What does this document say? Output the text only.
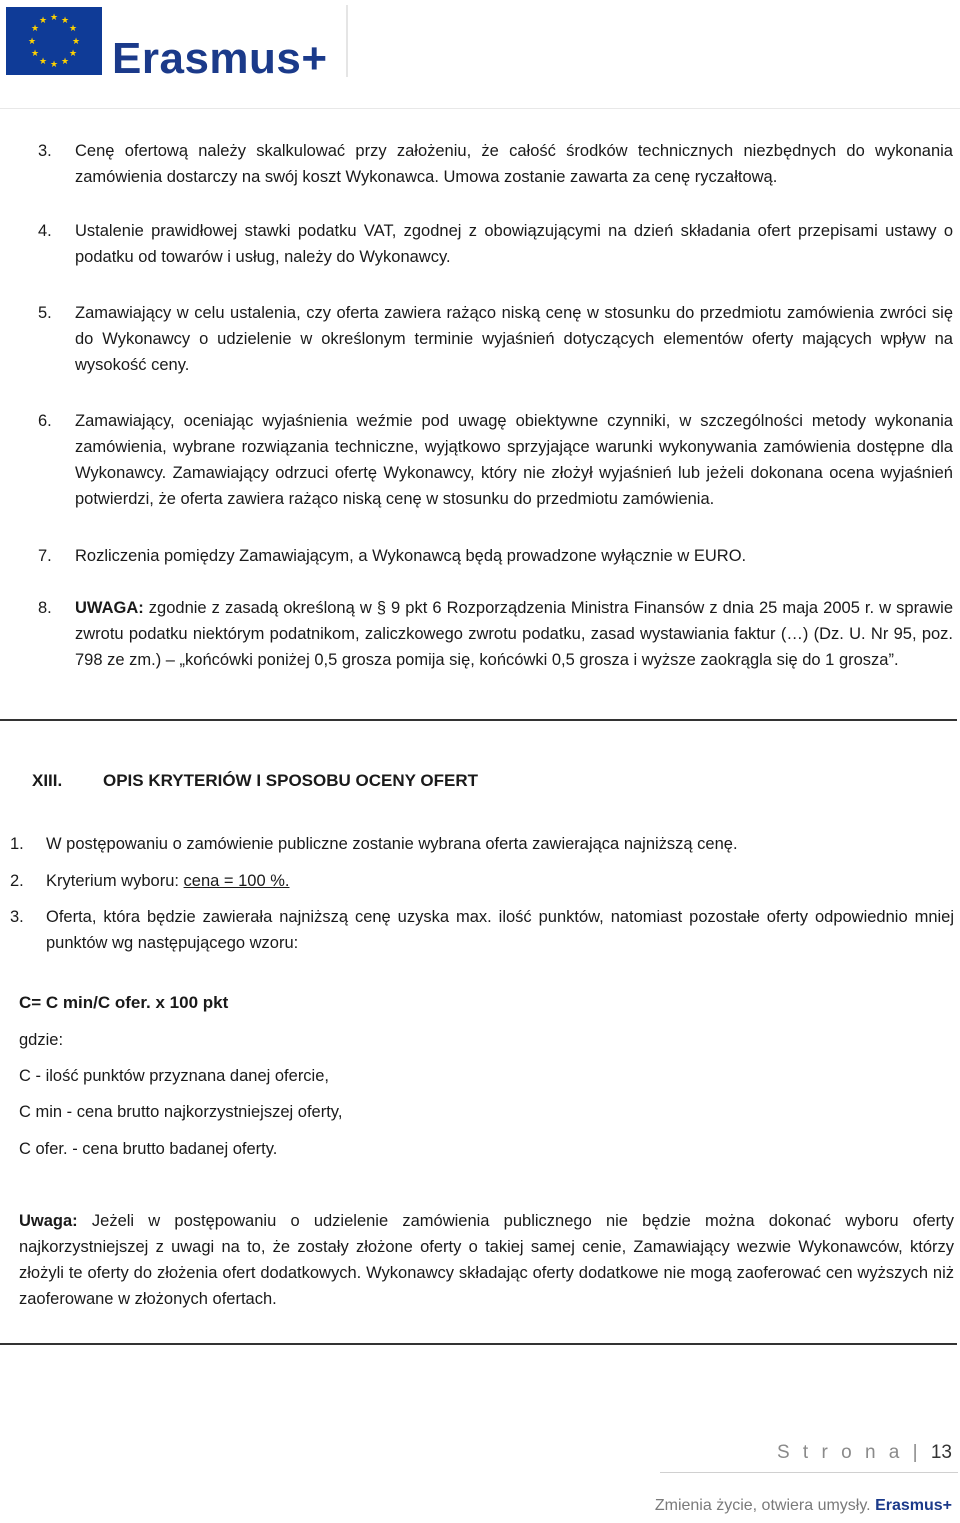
★ ★
★
★
★
★
★
★
★
★
★
★
Erasmus+
3. Cenę ofertową należy skalkulować przy założeniu, że całość środków technicznych niezbędnych do wykonania zamówienia dostarczy na swój koszt Wykonawca. Umowa zostanie zawarta za cenę ryczałtową.

4. Ustalenie prawidłowej stawki podatku VAT, zgodnej z obowiązującymi na dzień składania ofert przepisami ustawy o podatku od towarów i usług, należy do Wykonawcy.

5. Zamawiający w celu ustalenia, czy oferta zawiera rażąco niską cenę w stosunku do przedmiotu zamówienia zwróci się do Wykonawcy o udzielenie w określonym terminie wyjaśnień dotyczących elementów oferty mających wpływ na wysokość ceny.

6. Zamawiający, oceniając wyjaśnienia weźmie pod uwagę obiektywne czynniki, w szczególności metody wykonania zamówienia, wybrane rozwiązania techniczne, wyjątkowo sprzyjające warunki wykonywania zamówienia dostępne dla Wykonawcy. Zamawiający odrzuci ofertę Wykonawcy, który nie złożył wyjaśnień lub jeżeli dokonana ocena wyjaśnień potwierdzi, że oferta zawiera rażąco niską cenę w stosunku do przedmiotu zamówienia.

7. Rozliczenia pomiędzy Zamawiającym, a Wykonawcą będą prowadzone wyłącznie w EURO.

8. UWAGA: zgodnie z zasadą określoną w § 9 pkt 6 Rozporządzenia Ministra Finansów z dnia 25 maja 2005 r. w sprawie zwrotu podatku niektórym podatnikom, zaliczkowego zwrotu podatku, zasad wystawiania faktur (…) (Dz. U. Nr 95, poz. 798 ze zm.) – „końcówki poniżej 0,5 grosza pomija się, końcówki 0,5 grosza i wyższe zaokrągla się do 1 grosza”.

XIII. OPIS KRYTERIÓW I SPOSOBU OCENY OFERT
1. W postępowaniu o zamówienie publiczne zostanie wybrana oferta zawierająca najniższą cenę.

2. Kryterium wyboru: cena = 100 %.

3. Oferta, która będzie zawierała najniższą cenę uzyska max. ilość punktów, natomiast pozostałe oferty odpowiednio mniej punktów wg następującego wzoru:

C= C min/C ofer. x 100 pkt
gdzie:
C - ilość punktów przyznana danej ofercie,
C min - cena brutto najkorzystniejszej oferty,
C ofer. - cena brutto badanej oferty.

Uwaga: Jeżeli w postępowaniu o udzielenie zamówienia publicznego nie będzie można dokonać wyboru oferty najkorzystniejszej z uwagi na to, że zostały złożone oferty o takiej samej cenie, Zamawiający wezwie Wykonawców, którzy złożyli te oferty do złożenia ofert dodatkowych. Wykonawcy składając oferty dodatkowe nie mogą zaoferować cen wyższych niż zaoferowane w złożonych ofertach.

S t r o n a | 13
Zmienia życie, otwiera umysły. Erasmus+
